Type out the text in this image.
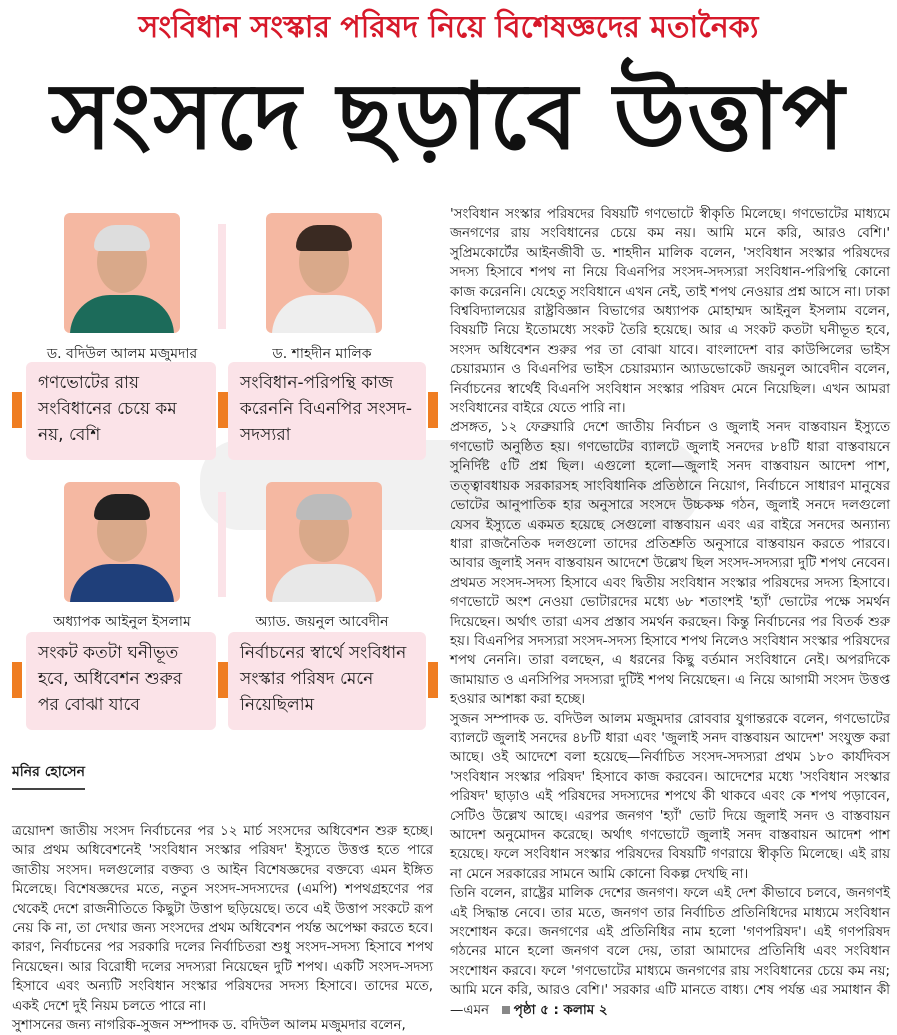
সংবিধান সংস্কার পরিষদ নিয়ে বিশেষজ্ঞদের মতানৈক্য
সংসদে ছড়াবে উত্তাপ
ড. বদিউল আলম মজুমদার	ড. শাহদীন মালিক
গণভোটের রায় সংবিধানের চেয়ে কম নয়, বেশি
সংবিধান-পরিপন্থি কাজ করেননি বিএনপির সংসদ-সদস্যরা
অধ্যাপক আইনুল ইসলাম	অ্যাড. জয়নুল আবেদীন
সংকট কতটা ঘনীভূত হবে, অধিবেশন শুরুর পর বোঝা যাবে
নির্বাচনের স্বার্থে সংবিধান সংস্কার পরিষদ মেনে নিয়েছিলাম
মনির হোসেন

ত্রয়োদশ জাতীয় সংসদ নির্বাচনের পর ১২ মার্চ সংসদের অধিবেশন শুরু হচ্ছে। আর প্রথম অধিবেশনেই 'সংবিধান সংস্কার পরিষদ' ইস্যুতে উত্তপ্ত হতে পারে জাতীয় সংসদ। দলগুলোর বক্তব্য ও আইন বিশেষজ্ঞদের বক্তব্যে এমন ইঙ্গিত মিলেছে। বিশেষজ্ঞদের মতে, নতুন সংসদ-সদস্যদের (এমপি) শপথগ্রহণের পর থেকেই দেশে রাজনীতিতে কিছুটা উত্তাপ ছড়িয়েছে। তবে এই উত্তাপ সংকটে রূপ নেয় কি না, তা দেখার জন্য সংসদের প্রথম অধিবেশন পর্যন্ত অপেক্ষা করতে হবে। কারণ, নির্বাচনের পর সরকারি দলের নির্বাচিতরা শুধু সংসদ-সদস্য হিসাবে শপথ নিয়েছেন। আর বিরোধী দলের সদস্যরা নিয়েছেন দুটি শপথ। একটি সংসদ-সদস্য হিসাবে এবং অন্যটি সংবিধান সংস্কার পরিষদের সদস্য হিসাবে। তাদের মতে, একই দেশে দুই নিয়ম চলতে পারে না।

সুশাসনের জন্য নাগরিক-সুজন সম্পাদক ড. বদিউল আলম মজুমদার বলেন,

'সংবিধান সংস্কার পরিষদের বিষয়টি গণভোটে স্বীকৃতি মিলেছে। গণভোটের মাধ্যমে জনগণের রায় সংবিধানের চেয়ে কম নয়। আমি মনে করি, আরও বেশি।' সুপ্রিমকোর্টের আইনজীবী ড. শাহদীন মালিক বলেন, 'সংবিধান সংস্কার পরিষদের সদস্য হিসাবে শপথ না নিয়ে বিএনপির সংসদ-সদস্যরা সংবিধান-পরিপন্থি কোনো কাজ করেননি। যেহেতু সংবিধানে এখন নেই, তাই শপথ নেওয়ার প্রশ্ন আসে না। ঢাকা বিশ্ববিদ্যালয়ের রাষ্ট্রবিজ্ঞান বিভাগের অধ্যাপক মোহাম্মদ আইনুল ইসলাম বলেন, বিষয়টি নিয়ে ইতোমধ্যে সংকট তৈরি হয়েছে। আর এ সংকট কতটা ঘনীভূত হবে, সংসদ অধিবেশন শুরুর পর তা বোঝা যাবে। বাংলাদেশ বার কাউন্সিলের ভাইস চেয়ারম্যান ও বিএনপির ভাইস চেয়ারম্যান অ্যাডভোকেট জয়নুল আবেদীন বলেন, নির্বাচনের স্বার্থেই বিএনপি সংবিধান সংস্কার পরিষদ মেনে নিয়েছিল। এখন আমরা সংবিধানের বাইরে যেতে পারি না।

প্রসঙ্গত, ১২ ফেব্রুয়ারি দেশে জাতীয় নির্বাচন ও জুলাই সনদ বাস্তবায়ন ইস্যুতে গণভোট অনুষ্ঠিত হয়। গণভোটের ব্যালটে জুলাই সনদের ৮৪টি ধারা বাস্তবায়নে সুনির্দিষ্ট ৫টি প্রশ্ন ছিল। এগুলো হলো—জুলাই সনদ বাস্তবায়ন আদেশ পাশ, তত্ত্বাবধায়ক সরকারসহ সাংবিধানিক প্রতিষ্ঠানে নিয়োগ, নির্বাচনে সাধারণ মানুষের ভোটের আনুপাতিক হার অনুসারে সংসদে উচ্চকক্ষ গঠন, জুলাই সনদে দলগুলো যেসব ইস্যুতে একমত হয়েছে সেগুলো বাস্তবায়ন এবং এর বাইরে সনদের অন্যান্য ধারা রাজনৈতিক দলগুলো তাদের প্রতিশ্রুতি অনুসারে বাস্তবায়ন করতে পারবে। আবার জুলাই সনদ বাস্তবায়ন আদেশে উল্লেখ ছিল সংসদ-সদস্যরা দুটি শপথ নেবেন। প্রথমত সংসদ-সদস্য হিসাবে এবং দ্বিতীয় সংবিধান সংস্কার পরিষদের সদস্য হিসাবে। গণভোটে অংশ নেওয়া ভোটারদের মধ্যে ৬৮ শতাংশই 'হ্যাঁ' ভোটের পক্ষে সমর্থন দিয়েছেন। অর্থাৎ তারা এসব প্রস্তাব সমর্থন করছেন। কিন্তু নির্বাচনের পর বিতর্ক শুরু হয়। বিএনপির সদস্যরা সংসদ-সদস্য হিসাবে শপথ নিলেও সংবিধান সংস্কার পরিষদের শপথ নেননি। তারা বলছেন, এ ধরনের কিছু বর্তমান সংবিধানে নেই। অপরদিকে জামায়াত ও এনসিপির সদস্যরা দুটিই শপথ নিয়েছেন। এ নিয়ে আগামী সংসদ উত্তপ্ত হওয়ার আশঙ্কা করা হচ্ছে।

সুজন সম্পাদক ড. বদিউল আলম মজুমদার রোববার যুগান্তরকে বলেন, গণভোটের ব্যালটে জুলাই সনদের ৪৮টি ধারা এবং 'জুলাই সনদ বাস্তবায়ন আদেশ' সংযুক্ত করা আছে। ওই আদেশে বলা হয়েছে—নির্বাচিত সংসদ-সদস্যরা প্রথম ১৮০ কার্যদিবস 'সংবিধান সংস্কার পরিষদ' হিসাবে কাজ করবেন। আদেশের মধ্যে 'সংবিধান সংস্কার পরিষদ' ছাড়াও এই পরিষদের সদস্যদের শপথে কী থাকবে এবং কে শপথ পড়াবেন, সেটিও উল্লেখ আছে। এরপর জনগণ 'হ্যাঁ' ভোট দিয়ে জুলাই সনদ ও বাস্তবায়ন আদেশ অনুমোদন করেছে। অর্থাৎ গণভোটে জুলাই সনদ বাস্তবায়ন আদেশ পাশ হয়েছে। ফলে সংবিধান সংস্কার পরিষদের বিষয়টি গণরায়ে স্বীকৃতি মিলেছে। এই রায় না মেনে সরকারের সামনে আমি কোনো বিকল্প দেখছি না।

তিনি বলেন, রাষ্ট্রের মালিক দেশের জনগণ। ফলে এই দেশ কীভাবে চলবে, জনগণই এই সিদ্ধান্ত নেবে। তার মতে, জনগণ তার নির্বাচিত প্রতিনিধিদের মাধ্যমে সংবিধান সংশোধন করে। জনগণের এই প্রতিনিধির নাম হলো 'গণপরিষদ'। এই গণপরিষদ গঠনের মানে হলো জনগণ বলে দেয়, তারা আমাদের প্রতিনিধি এবং সংবিধান সংশোধন করবে। ফলে 'গণভোটের মাধ্যমে জনগণের রায় সংবিধানের চেয়ে কম নয়; আমি মনে করি, আরও বেশি।' সরকার এটি মানতে বাধ্য। শেষ পর্যন্ত এর সমাধান কী—এমন পৃষ্ঠা ৫ : কলাম ২
